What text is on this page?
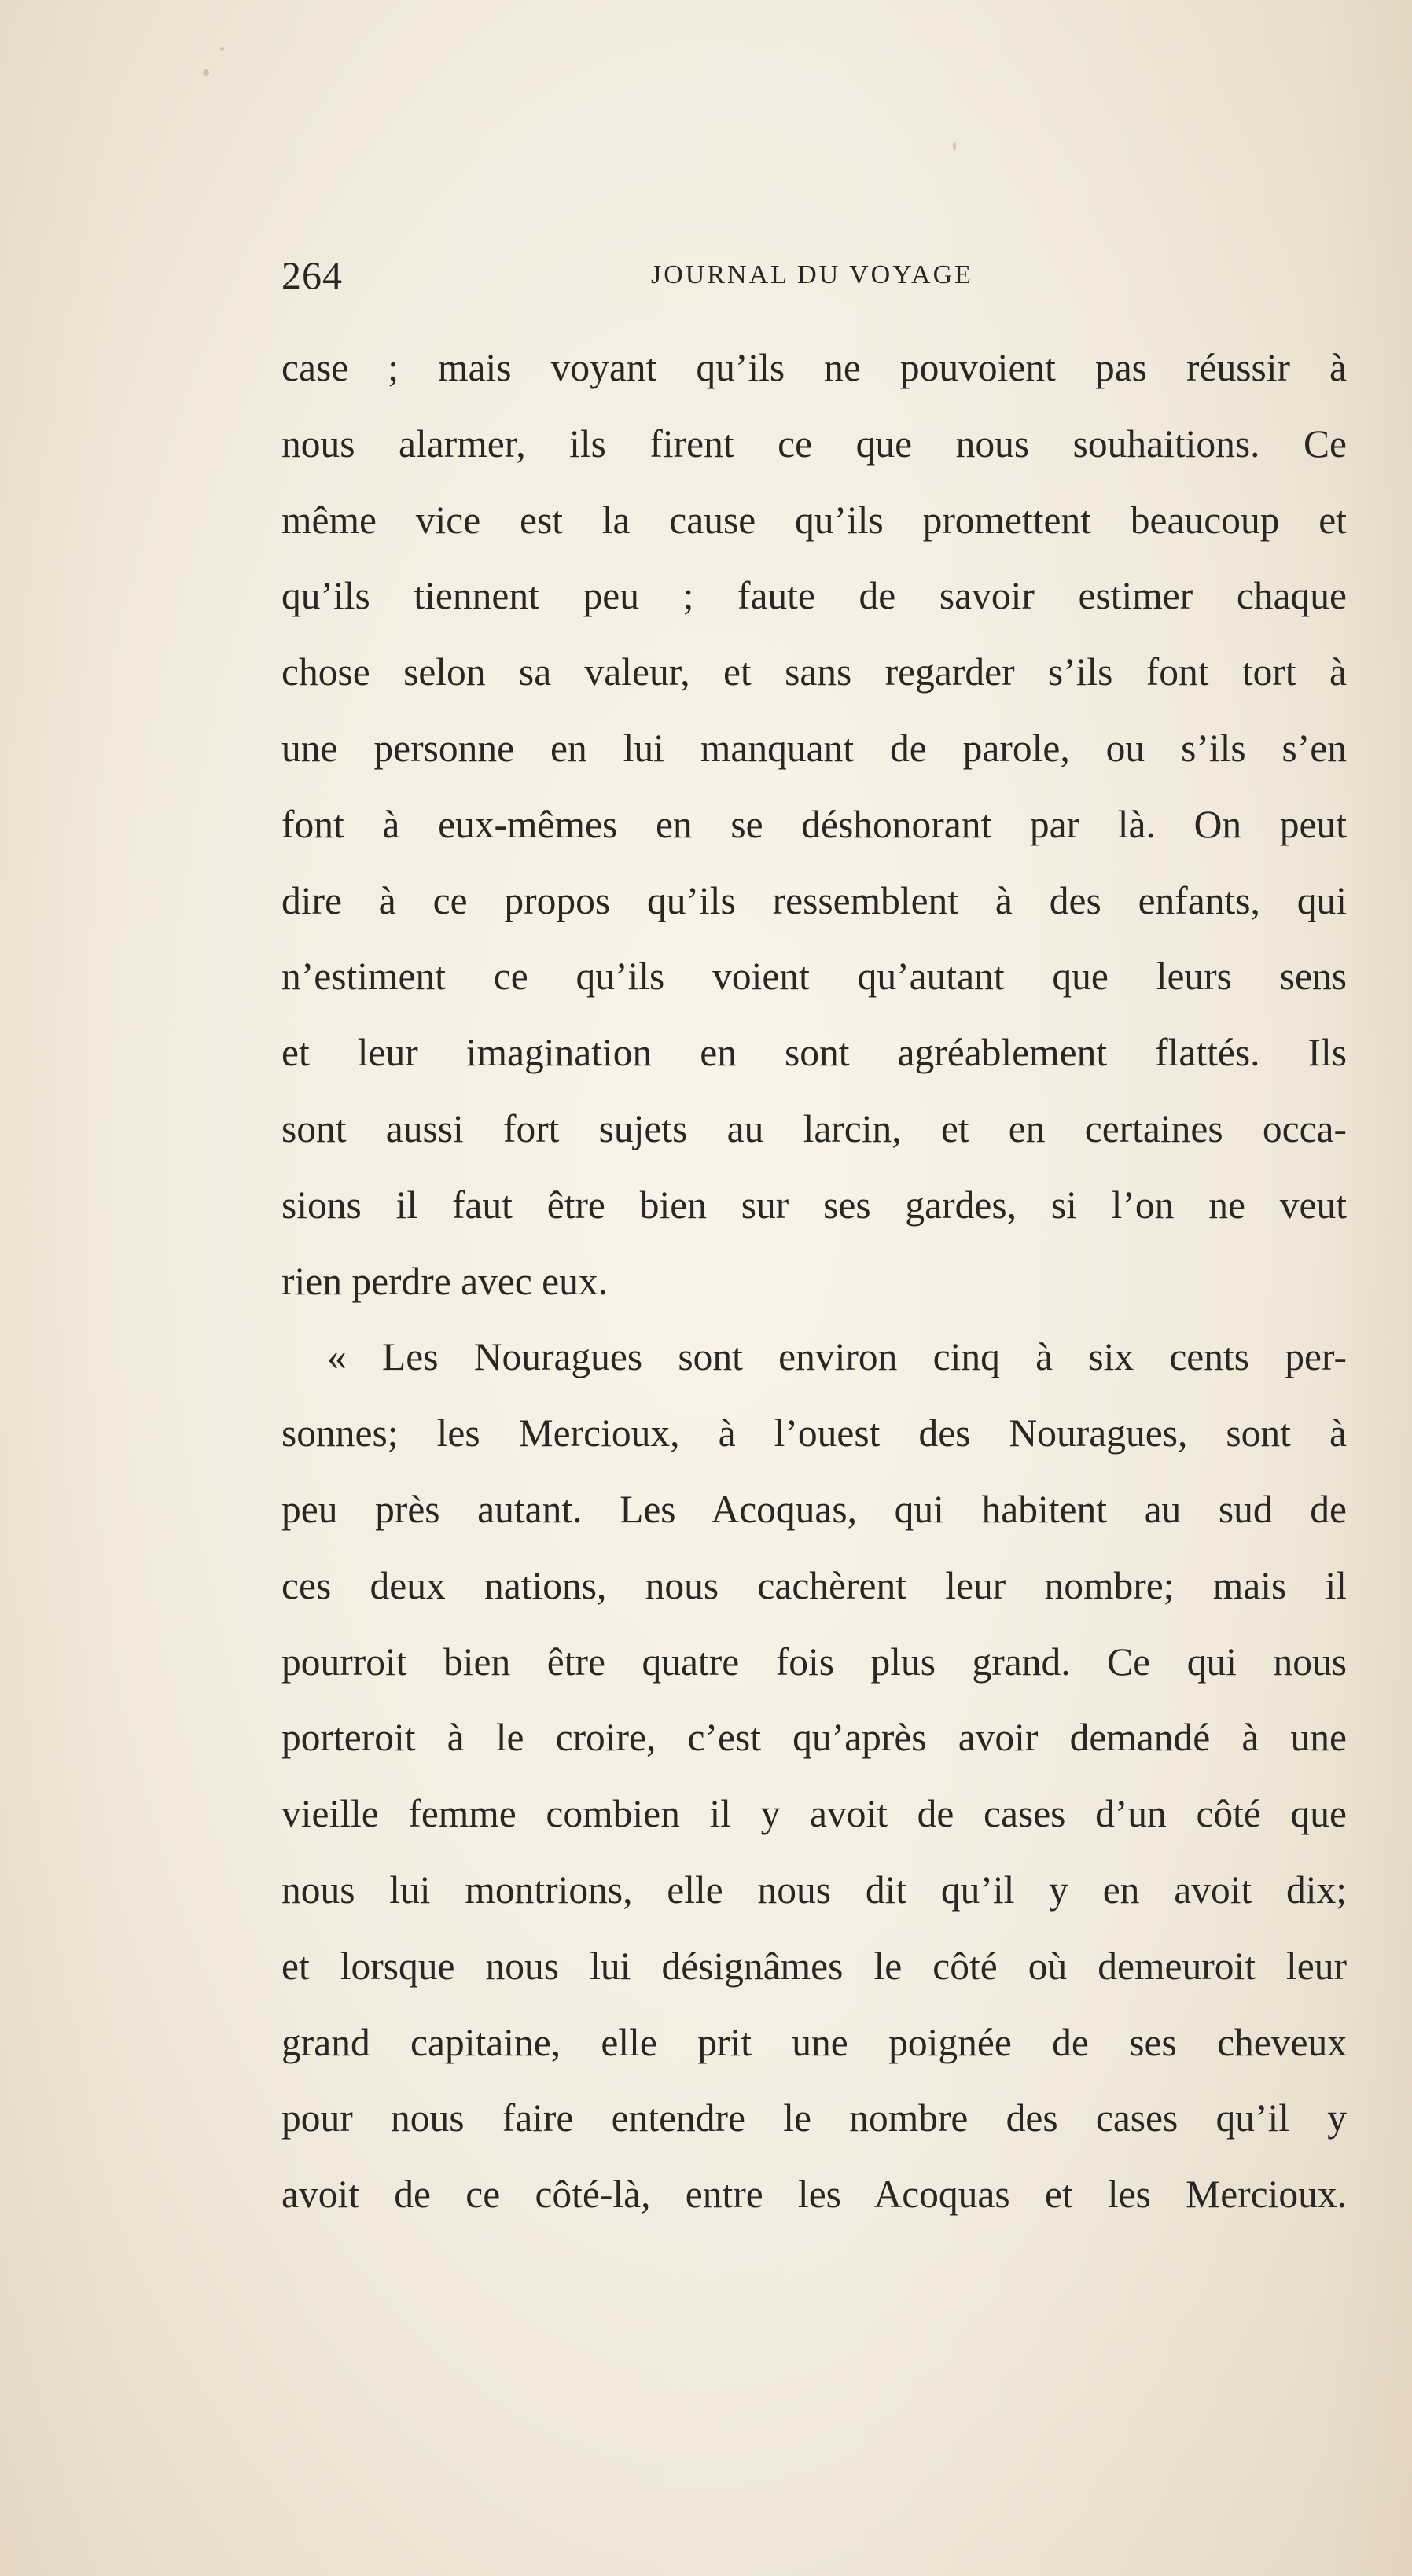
264	JOURNAL DU VOYAGE
case ; mais voyant qu’ils ne pouvoient pas réussir à
nous alarmer, ils firent ce que nous souhaitions. Ce
même vice est la cause qu’ils promettent beaucoup et
qu’ils tiennent peu ; faute de savoir estimer chaque
chose selon sa valeur, et sans regarder s’ils font tort à
une personne en lui manquant de parole, ou s’ils s’en
font à eux-mêmes en se déshonorant par là. On peut
dire à ce propos qu’ils ressemblent à des enfants, qui
n’estiment ce qu’ils voient qu’autant que leurs sens
et leur imagination en sont agréablement flattés. Ils
sont aussi fort sujets au larcin, et en certaines occa-
sions il faut être bien sur ses gardes, si l’on ne veut
rien perdre avec eux.
« Les Nouragues sont environ cinq à six cents per-
sonnes; les Mercioux, à l’ouest des Nouragues, sont à
peu près autant. Les Acoquas, qui habitent au sud de
ces deux nations, nous cachèrent leur nombre; mais il
pourroit bien être quatre fois plus grand. Ce qui nous
porteroit à le croire, c’est qu’après avoir demandé à une
vieille femme combien il y avoit de cases d’un côté que
nous lui montrions, elle nous dit qu’il y en avoit dix;
et lorsque nous lui désignâmes le côté où demeuroit leur
grand capitaine, elle prit une poignée de ses cheveux
pour nous faire entendre le nombre des cases qu’il y
avoit de ce côté-là, entre les Acoquas et les Mercioux.
